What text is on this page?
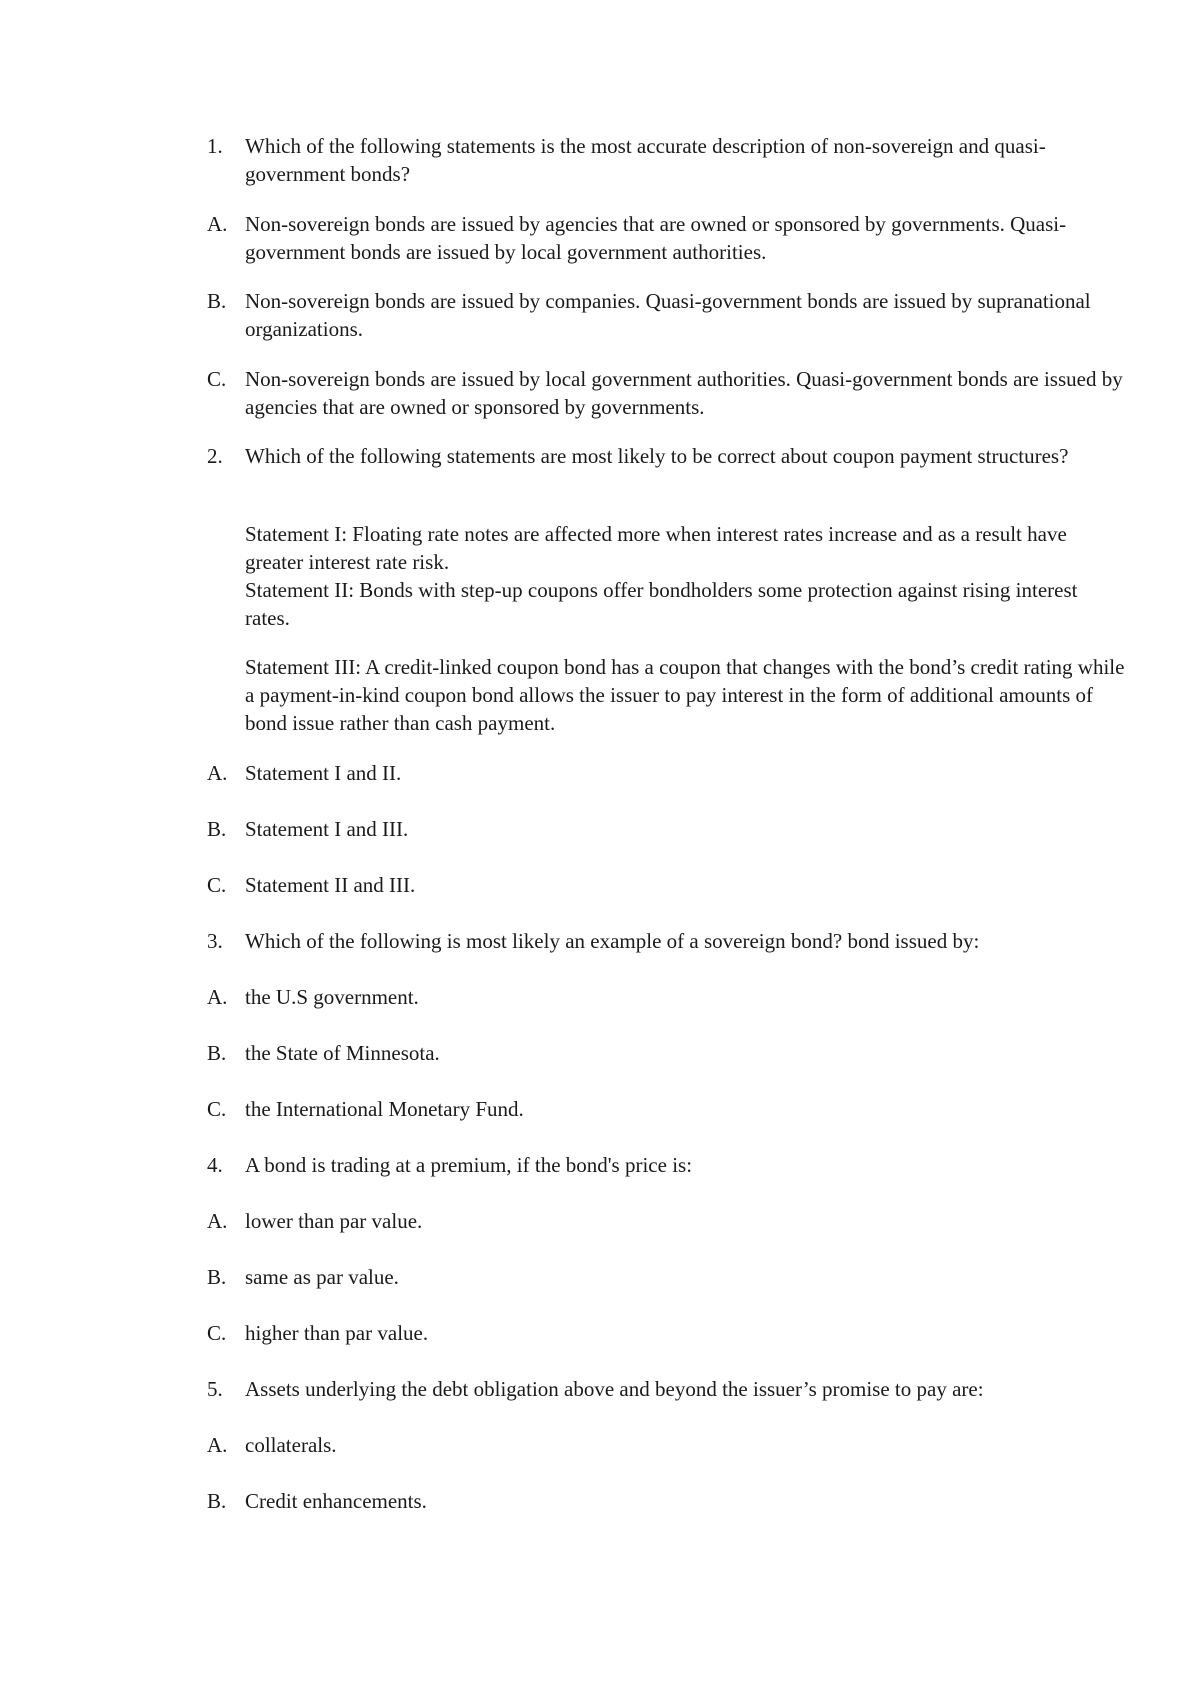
1.	Which of the following statements is the most accurate description of non-sovereign and quasi-government bonds?
A. Non-sovereign bonds are issued by agencies that are owned or sponsored by governments. Quasi-government bonds are issued by local government authorities.
B. Non-sovereign bonds are issued by companies. Quasi-government bonds are issued by supranational organizations.
C. Non-sovereign bonds are issued by local government authorities. Quasi-government bonds are issued by agencies that are owned or sponsored by governments.
2.	Which of the following statements are most likely to be correct about coupon payment structures?
Statement I: Floating rate notes are affected more when interest rates increase and as a result have greater interest rate risk.
Statement II: Bonds with step-up coupons offer bondholders some protection against rising interest rates.
Statement III: A credit-linked coupon bond has a coupon that changes with the bond’s credit rating while a payment-in-kind coupon bond allows the issuer to pay interest in the form of additional amounts of bond issue rather than cash payment.
A. Statement I and II.
B. Statement I and III.
C. Statement II and III.
3.	Which of the following is most likely an example of a sovereign bond? bond issued by:
A. the U.S government.
B. the State of Minnesota.
C. the International Monetary Fund.
4.	A bond is trading at a premium, if the bond's price is:
A. lower than par value.
B. same as par value.
C. higher than par value.
5.	Assets underlying the debt obligation above and beyond the issuer’s promise to pay are:
A. collaterals.
B. Credit enhancements.
